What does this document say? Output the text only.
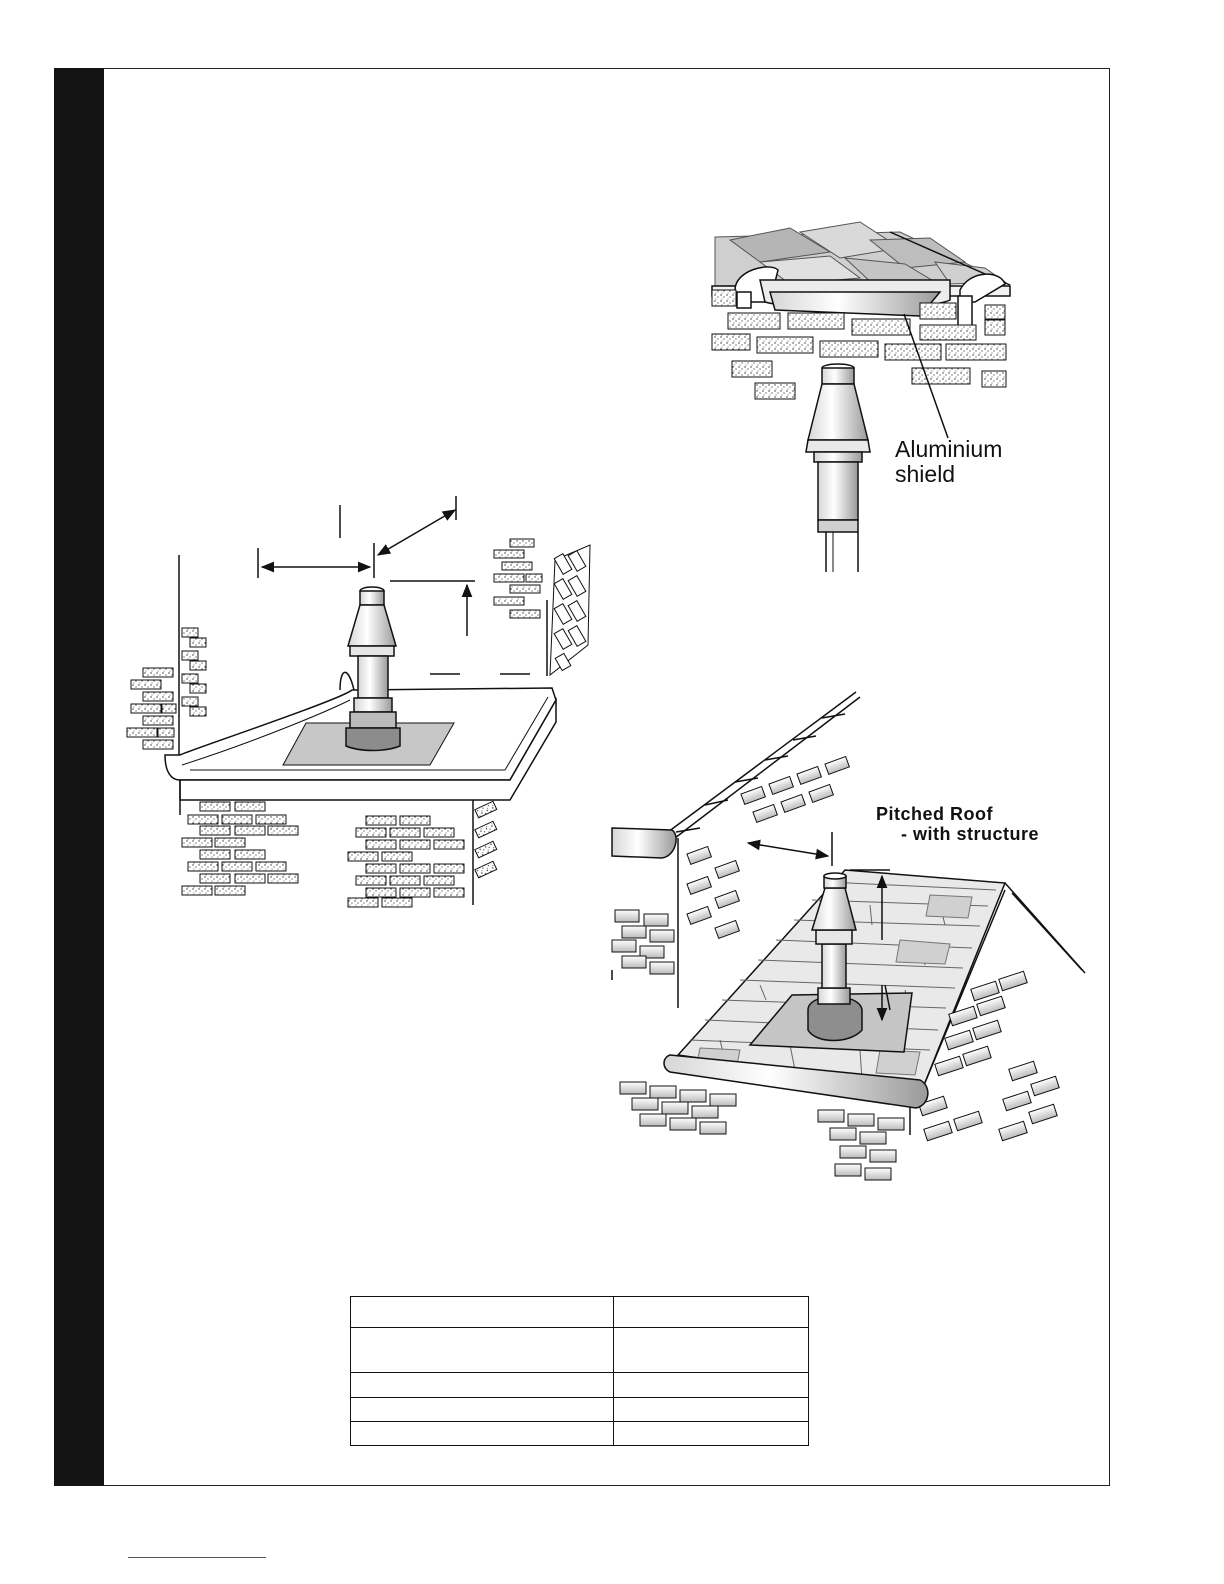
Aluminium
shield
Pitched Roof
- with structure
